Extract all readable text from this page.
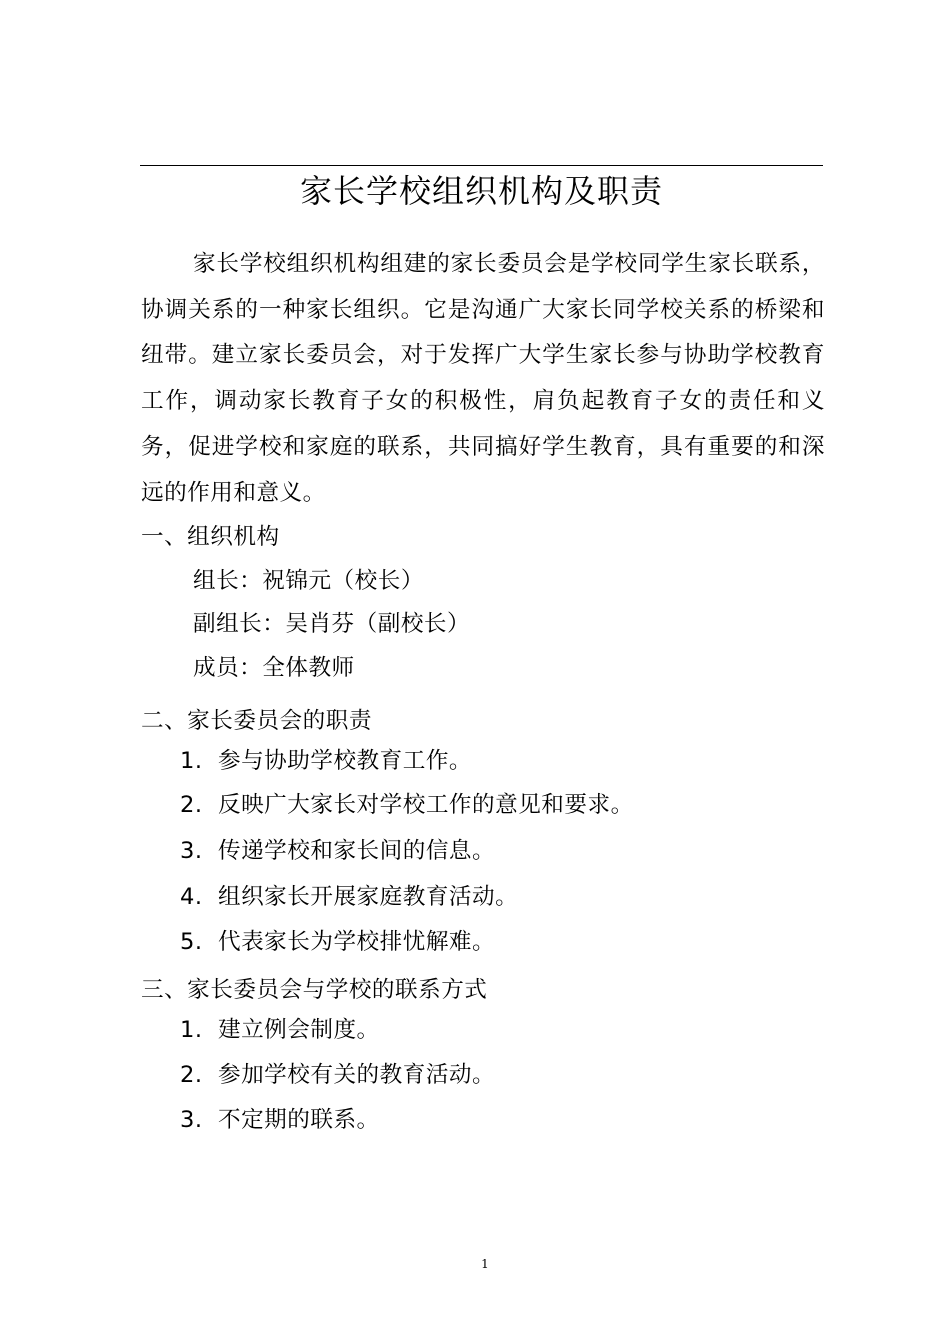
家长学校组织机构及职责
家长学校组织机构组建的家长委员会是学校同学生家长联系，协调关系的一种家长组织。它是沟通广大家长同学校关系的桥梁和纽带。建立家长委员会，对于发挥广大学生家长参与协助学校教育工作，调动家长教育子女的积极性，肩负起教育子女的责任和义务，促进学校和家庭的联系，共同搞好学生教育，具有重要的和深远的作用和意义。
一、组织机构
组长：祝锦元（校长）
副组长：吴肖芬（副校长）
成员：全体教师
二、家长委员会的职责
1. 参与协助学校教育工作。
2. 反映广大家长对学校工作的意见和要求。
3. 传递学校和家长间的信息。
4. 组织家长开展家庭教育活动。
5. 代表家长为学校排忧解难。
三、家长委员会与学校的联系方式
1. 建立例会制度。
2. 参加学校有关的教育活动。
3. 不定期的联系。
1
